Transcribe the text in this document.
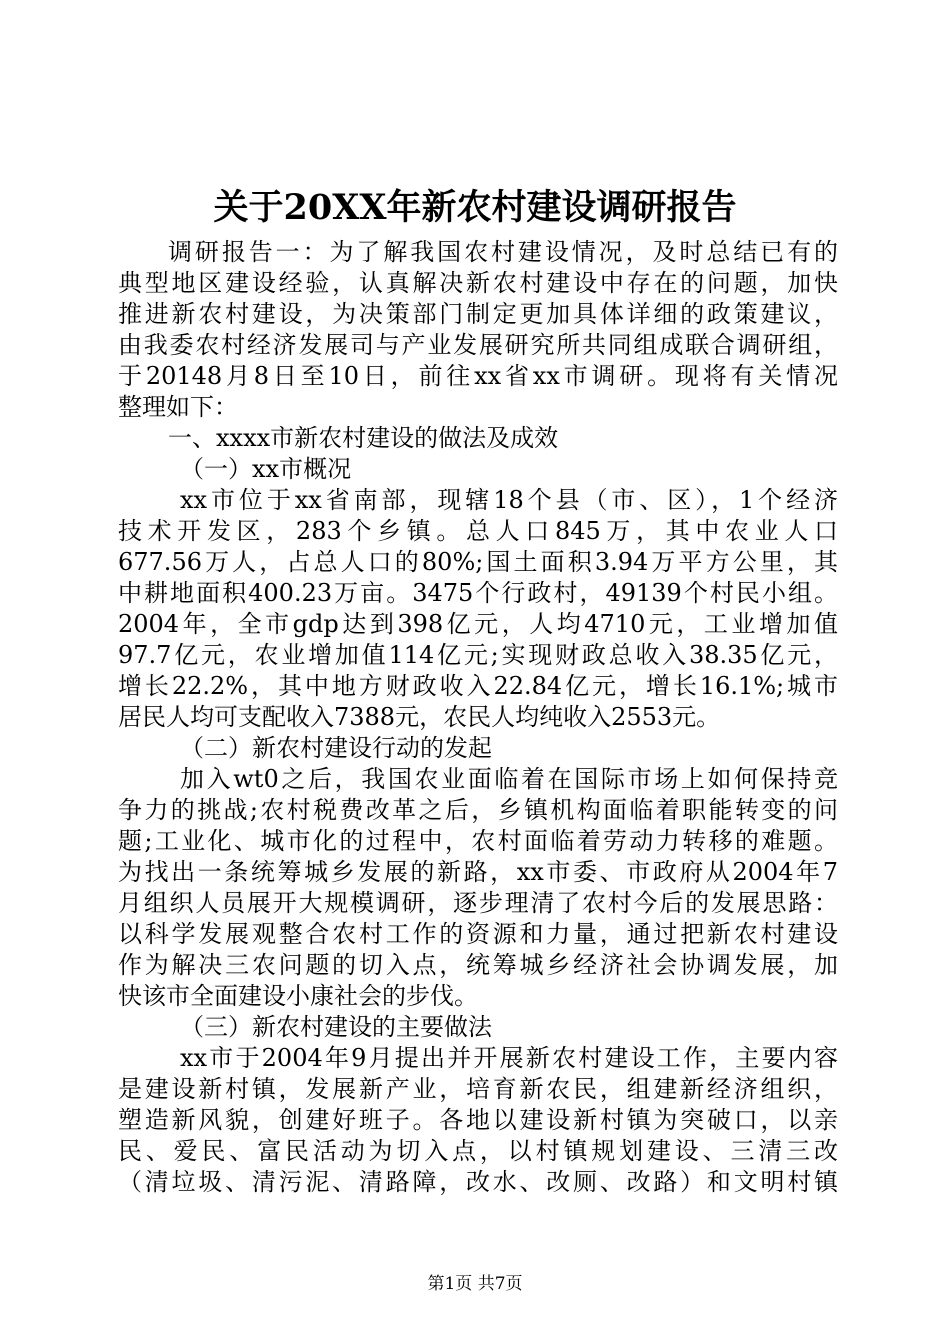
关于20XX年新农村建设调研报告
调研报告一：为了解我国农村建设情况，及时总结已有的
典型地区建设经验，认真解决新农村建设中存在的问题，加快
推进新农村建设，为决策部门制定更加具体详细的政策建议，
由我委农村经济发展司与产业发展研究所共同组成联合调研组，
于20148月8日至10日，前往xx省xx市调研。现将有关情况
整理如下：
一、xxxx市新农村建设的做法及成效
（一）xx市概况
xx市位于xx省南部，现辖18个县（市、区），1个经济
技术开发区，283个乡镇。总人口845万，其中农业人口
677.56万人，占总人口的80%;国土面积3.94万平方公里，其
中耕地面积400.23万亩。3475个行政村，49139个村民小组。
2004年，全市gdp达到398亿元，人均4710元，工业增加值
97.7亿元，农业增加值114亿元;实现财政总收入38.35亿元，
增长22.2%，其中地方财政收入22.84亿元，增长16.1%;城市
居民人均可支配收入7388元，农民人均纯收入2553元。
（二）新农村建设行动的发起
加入wt0之后，我国农业面临着在国际市场上如何保持竞
争力的挑战;农村税费改革之后，乡镇机构面临着职能转变的问
题;工业化、城市化的过程中，农村面临着劳动力转移的难题。
为找出一条统筹城乡发展的新路，xx市委、市政府从2004年7
月组织人员展开大规模调研，逐步理清了农村今后的发展思路：
以科学发展观整合农村工作的资源和力量，通过把新农村建设
作为解决三农问题的切入点，统筹城乡经济社会协调发展，加
快该市全面建设小康社会的步伐。
（三）新农村建设的主要做法
xx市于2004年9月提出并开展新农村建设工作，主要内容
是建设新村镇，发展新产业，培育新农民，组建新经济组织，
塑造新风貌，创建好班子。各地以建设新村镇为突破口，以亲
民、爱民、富民活动为切入点，以村镇规划建设、三清三改
（清垃圾、清污泥、清路障，改水、改厕、改路）和文明村镇
第1页 共7页
